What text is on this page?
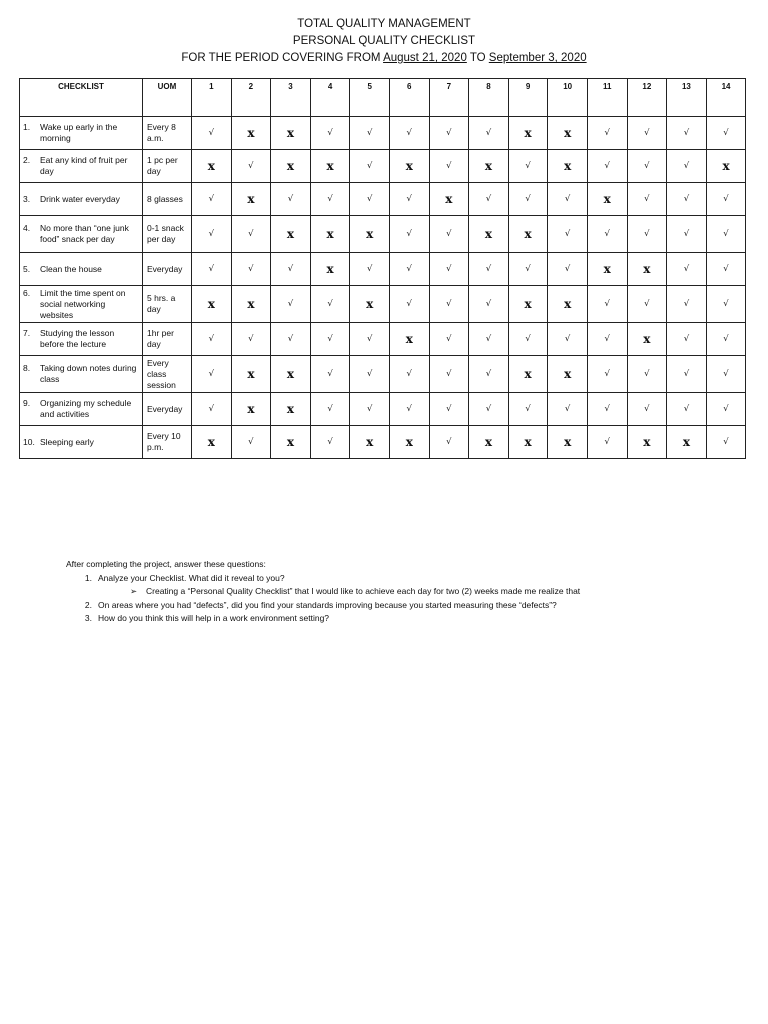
TOTAL QUALITY MANAGEMENT
PERSONAL QUALITY CHECKLIST
FOR THE PERIOD COVERING FROM August 21, 2020 TO September 3, 2020
CHECKLIST	UOM	1	2	3	4	5	6	7	8	9	10	11	12	13	14

1. Wake up early in the morning	Every 8 a.m.	√	x	x	√	√	√	√	√	x	x	√	√	√	√

2. Eat any kind of fruit per day	1 pc per day	x	√	x	x	√	x	√	x	√	x	√	√	√	x

3. Drink water everyday	8 glasses	√	x	√	√	√	√	x	√	√	√	x	√	√	√

4. No more than “one junk food” snack per day	0-1 snack per day	√	√	x	x	x	√	√	x	x	√	√	√	√	√

5. Clean the house	Everyday	√	√	√	x	√	√	√	√	√	√	x	x	√	√

6. Limit the time spent on social networking websites	5 hrs. a day	x	x	√	√	x	√	√	√	x	x	√	√	√	√

7. Studying the lesson before the lecture	1hr per day	√	√	√	√	√	x	√	√	√	√	√	x	√	√

8. Taking down notes during class	Every class session	√	x	x	√	√	√	√	√	x	x	√	√	√	√

9. Organizing my schedule and activities	Everyday	√	x	x	√	√	√	√	√	√	√	√	√	√	√

10. Sleeping early	Every 10 p.m.	x	√	x	√	x	x	√	x	x	x	√	x	x	√
After completing the project, answer these questions:
1. Analyze your Checklist. What did it reveal to you?
➢	Creating a “Personal Quality Checklist” that I would like to achieve each day for two (2) weeks made me realize that
2. On areas where you had “defects”, did you find your standards improving because you started measuring these “defects”?
3. How do you think this will help in a work environment setting?
